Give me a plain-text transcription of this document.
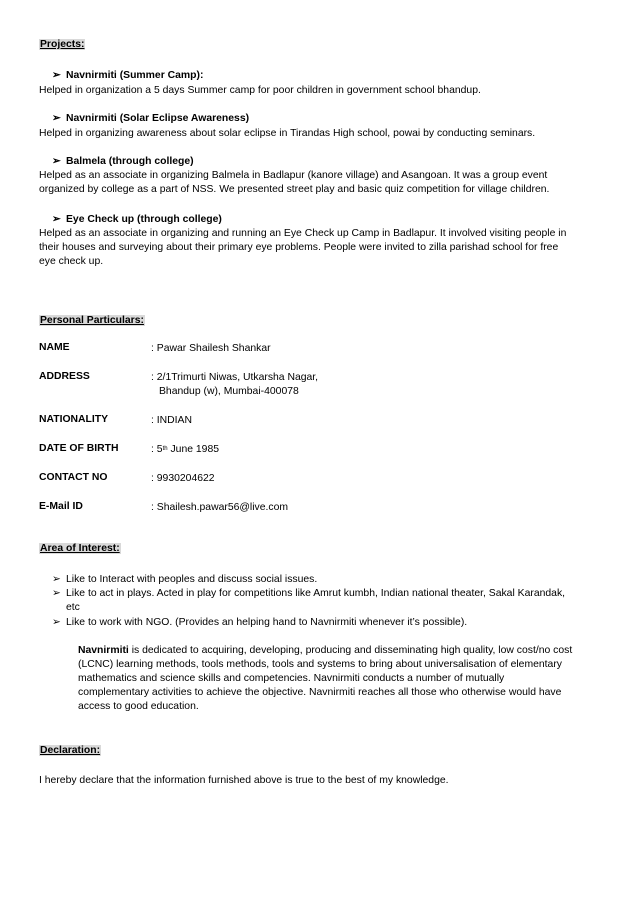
Projects:
➢ Navnirmiti (Summer Camp):
Helped in organization a 5 days Summer camp for poor children in government school bhandup.
➢ Navnirmiti (Solar Eclipse Awareness)
Helped in organizing awareness about solar eclipse in Tirandas High school, powai by conducting seminars.
➢ Balmela (through college)
Helped as an associate in organizing Balmela in Badlapur (kanore village) and Asangoan. It was a group event
organized by college as a part of NSS. We presented street play and basic quiz competition for village children.
➢ Eye Check up (through college)
Helped as an associate in organizing and running an Eye Check up Camp in Badlapur. It involved visiting people in
their houses and surveying about their primary eye problems. People were invited to zilla parishad school for free
eye check up.
Personal Particulars:
NAME	: Pawar Shailesh Shankar
ADDRESS	: 2/1Trimurti Niwas, Utkarsha Nagar,
Bhandup (w), Mumbai-400078
NATIONALITY	: INDIAN
DATE OF BIRTH	: 5th June 1985
CONTACT NO	: 9930204622
E-Mail ID	: Shailesh.pawar56@live.com
Area of Interest:
➢ Like to Interact with peoples and discuss social issues.
➢ Like to act in plays. Acted in play for competitions like Amrut kumbh, Indian national theater, Sakal Karandak,
etc
➢ Like to work with NGO. (Provides an helping hand to Navnirmiti whenever it’s possible).
Navnirmiti is dedicated to acquiring, developing, producing and disseminating high quality, low cost/no cost
(LCNC) learning methods, tools methods, tools and systems to bring about universalisation of elementary
mathematics and science skills and competencies. Navnirmiti conducts a number of mutually
complementary activities to achieve the objective. Navnirmiti reaches all those who otherwise would have
access to good education.
Declaration:
I hereby declare that the information furnished above is true to the best of my knowledge.
